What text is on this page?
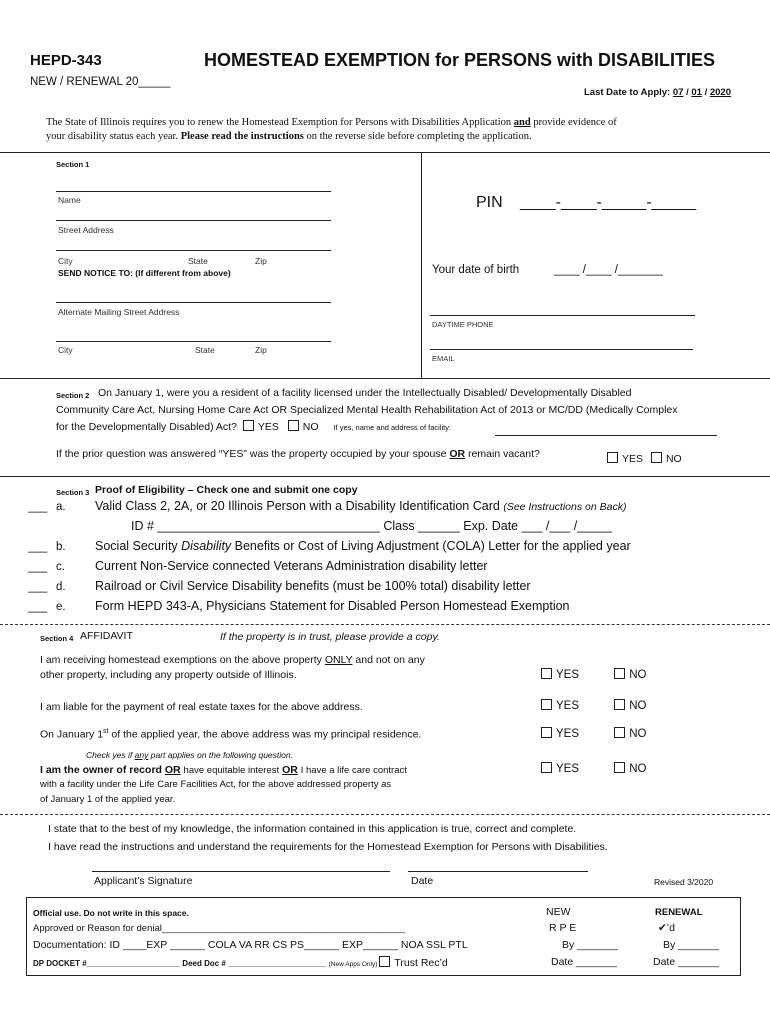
HEPD-343	HOMESTEAD EXEMPTION for PERSONS with DISABILITIES
NEW / RENEWAL 20_____
Last Date to Apply: 07 / 01 / 2020
The State of Illinois requires you to renew the Homestead Exemption for Persons with Disabilities Application and provide evidence of
your disability status each year. Please read the instructions on the reverse side before completing the application.
Section 1
Name
Street Address
City	State	Zip
SEND NOTICE TO: (If different from above)
Alternate Mailing Street Address
City	State	Zip
PIN ____-____-_____-_____
Your date of birth	____ /____ /_______
DAYTIME PHONE
EMAIL
Section 2 On January 1, were you a resident of a facility licensed under the Intellectually Disabled/ Developmentally Disabled
Community Care Act, Nursing Home Care Act OR Specialized Mental Health Rehabilitation Act of 2013 or MC/DD (Medically Complex
for the Developmentally Disabled) Act? YES NO If yes, name and address of facility:
If the prior question was answered “YES” was the property occupied by your spouse OR remain vacant?	YES NO
Section 3 Proof of Eligibility – Check one and submit one copy
___ a. Valid Class 2, 2A, or 20 Illinois Person with a Disability Identification Card (See Instructions on Back)
ID # ________________________________ Class ______ Exp. Date ___ /___ /_____
___ b. Social Security Disability Benefits or Cost of Living Adjustment (COLA) Letter for the applied year
___ c. Current Non-Service connected Veterans Administration disability letter
___ d. Railroad or Civil Service Disability benefits (must be 100% total) disability letter
___ e. Form HEPD 343-A, Physicians Statement for Disabled Person Homestead Exemption
Section 4 AFFIDAVIT	If the property is in trust, please provide a copy.
I am receiving homestead exemptions on the above property ONLY and not on any
other property, including any property outside of Illinois.	YES	NO
I am liable for the payment of real estate taxes for the above address.	YES	NO
On January 1st of the applied year, the above address was my principal residence.	YES	NO
Check yes if any part applies on the following question.
I am the owner of record OR have equitable interest OR I have a life care contract
with a facility under the Life Care Facilities Act, for the above addressed property as
of January 1 of the applied year.
YES	NO
I state that to the best of my knowledge, the information contained in this application is true, correct and complete.
I have read the instructions and understand the requirements for the Homestead Exemption for Persons with Disabilities.
Applicant’s Signature	Date	Revised 3/2020
Official use. Do not write in this space.
Approved or Reason for denial______________________________________________
Documentation: ID ____EXP ______ COLA VA RR CS PS______ EXP______ NOA SSL PTL
DP DOCKET #_____________________ Deed Doc # ______________________ (New Apps Only) Trust Rec’d
NEW
R P E
By _______
Date _______
RENEWAL
✔’d
By _______
Date _______
